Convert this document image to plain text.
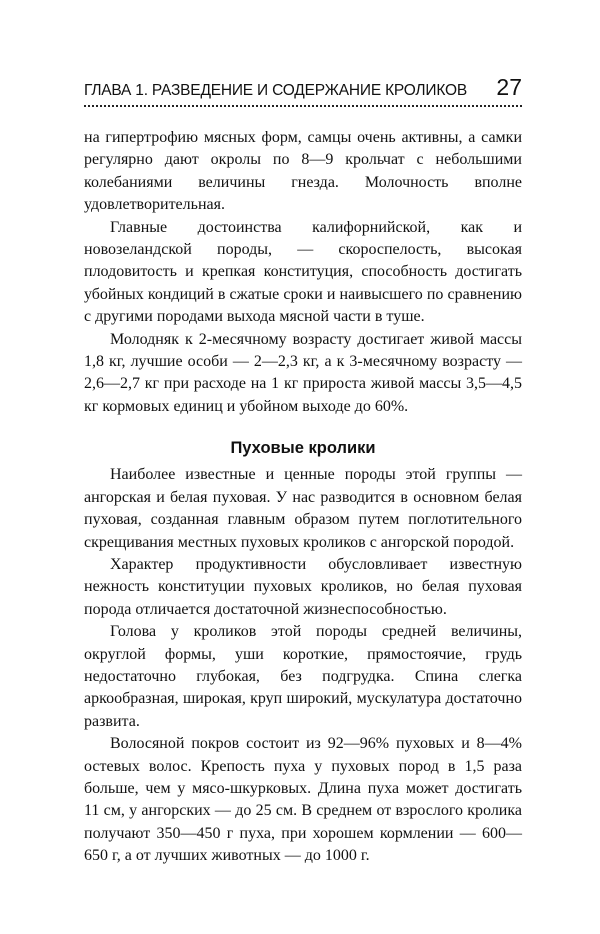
ГЛАВА 1. РАЗВЕДЕНИЕ И СОДЕРЖАНИЕ КРОЛИКОВ 27

на гипертрофию мясных форм, самцы очень активны, а самки регулярно дают окролы по 8—9 крольчат с небольшими колебаниями величины гнезда. Молочность вполне удовлетворительная.

Главные достоинства калифорнийской, как и новозеландской породы, — скороспелость, высокая плодовитость и крепкая конституция, способность достигать убойных кондиций в сжатые сроки и наивысшего по сравнению с другими породами выхода мясной части в туше.

Молодняк к 2-месячному возрасту достигает живой массы 1,8 кг, лучшие особи — 2—2,3 кг, а к 3-месячному возрасту — 2,6—2,7 кг при расходе на 1 кг прироста живой массы 3,5—4,5 кг кормовых единиц и убойном выходе до 60%.

Пуховые кролики

Наиболее известные и ценные породы этой группы — ангорская и белая пуховая. У нас разводится в основном белая пуховая, созданная главным образом путем поглотительного скрещивания местных пуховых кроликов с ангорской породой.

Характер продуктивности обусловливает известную нежность конституции пуховых кроликов, но белая пуховая порода отличается достаточной жизнеспособностью.

Голова у кроликов этой породы средней величины, округлой формы, уши короткие, прямостоячие, грудь недостаточно глубокая, без подгрудка. Спина слегка аркообразная, широкая, круп широкий, мускулатура достаточно развита.

Волосяной покров состоит из 92—96% пуховых и 8—4% остевых волос. Крепость пуха у пуховых пород в 1,5 раза больше, чем у мясо-шкурковых. Длина пуха может достигать 11 см, у ангорских — до 25 см. В среднем от взрослого кролика получают 350—450 г пуха, при хорошем кормлении — 600—650 г, а от лучших животных — до 1000 г.
